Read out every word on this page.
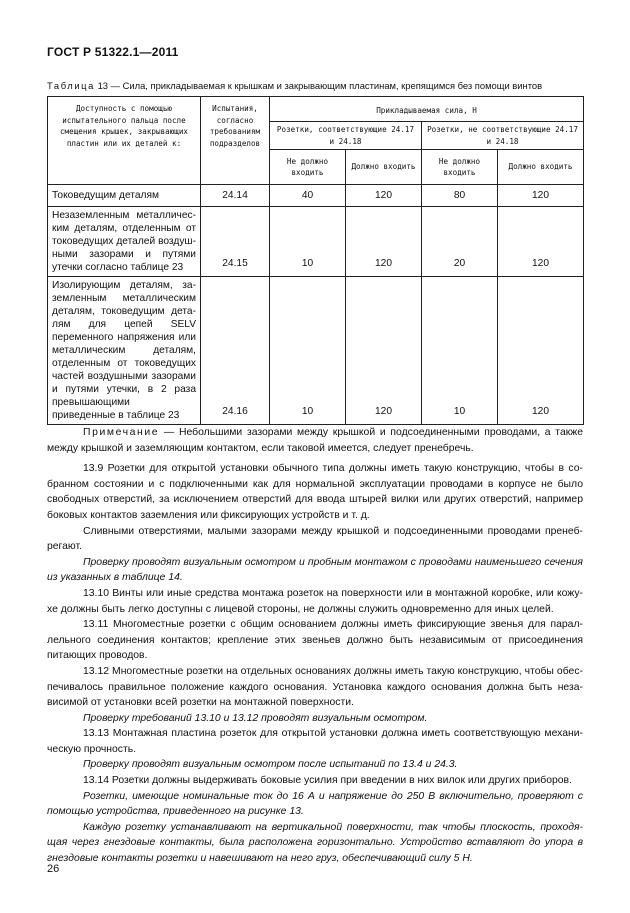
ГОСТ Р 51322.1—2011
Таблица 13 — Сила, прикладываемая к крышкам и закрывающим пластинам, крепящимся без помощи винтов
Доступность с помощью испытательного пальца после смещения крышек, закрывающих пластин или их деталей к:	Испытания, согласно требованиям подразделов	Прикладываемая сила, Н			
		Розетки, соответствующие 24.17 и 24.18		Розетки, не соответствующие 24.17 и 24.18	
		Не должно входить	Должно входить	Не должно входить	Должно входить
Токоведущим деталям	24.14	40	120	80	120
Незаземленным металлическим деталям, отделенным от токоведущих деталей воздушными зазорами и путями утечки согласно таблице 23	24.15	10	120	20	120
Изолирующим деталям, заземленным металлическим деталям, токоведущим деталям для цепей SELV переменного напряжения или металлическим деталям, отделенным от токоведущих частей воздушными зазорами и путями утечки, в 2 раза превышающими приведенные в таблице 23	24.16	10	120	10	120

Примечание — Небольшими зазорами между крышкой и подсоединенными проводами, а также между крышкой и заземляющим контактом, если таковой имеется, следует пренебречь.

13.9 Розетки для открытой установки обычного типа должны иметь такую конструкцию, чтобы в собранном состоянии и с подключенными как для нормальной эксплуатации проводами в корпусе не было свободных отверстий, за исключением отверстий для ввода штырей вилки или других отверстий, например боковых контактов заземления или фиксирующих устройств и т. д.

Сливными отверстиями, малыми зазорами между крышкой и подсоединенными проводами пренебрегают.

Проверку проводят визуальным осмотром и пробным монтажом с проводами наименьшего сечения из указанных в таблице 14.

13.10 Винты или иные средства монтажа розеток на поверхности или в монтажной коробке, или кожухе должны быть легко доступны с лицевой стороны, не должны служить одновременно для иных целей.

13.11 Многоместные розетки с общим основанием должны иметь фиксирующие звенья для параллельного соединения контактов; крепление этих звеньев должно быть независимым от присоединения питающих проводов.

13.12 Многоместные розетки на отдельных основаниях должны иметь такую конструкцию, чтобы обеспечивалось правильное положение каждого основания. Установка каждого основания должна быть независимой от установки всей розетки на монтажной поверхности.

Проверку требований 13.10 и 13.12 проводят визуальным осмотром.

13.13 Монтажная пластина розеток для открытой установки должна иметь соответствующую механическую прочность.

Проверку проводят визуальным осмотром после испытаний по 13.4 и 24.3.

13.14 Розетки должны выдерживать боковые усилия при введении в них вилок или других приборов.

Розетки, имеющие номинальные ток до 16 А и напряжение до 250 В включительно, проверяют с помощью устройства, приведенного на рисунке 13.

Каждую розетку устанавливают на вертикальной поверхности, так чтобы плоскость, проходящая через гнездовые контакты, была расположена горизонтально. Устройство вставляют до упора в гнездовые контакты розетки и навешивают на него груз, обеспечивающий силу 5 Н.

26
